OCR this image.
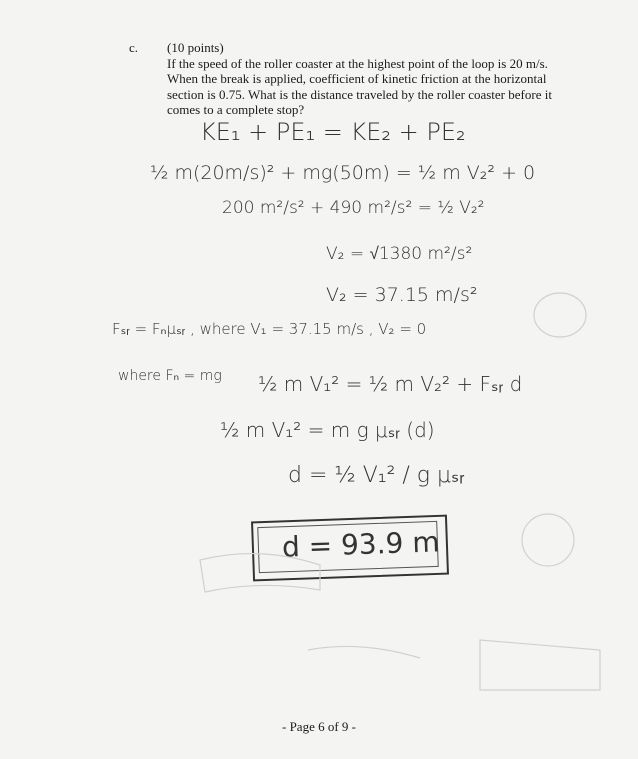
c. (10 points)
If the speed of the roller coaster at the highest point of the loop is 20 m/s.
When the break is applied, coefficient of kinetic friction at the horizontal
section is 0.75. What is the distance traveled by the roller coaster before it
comes to a complete stop?
KE₁ + PE₁ = KE₂ + PE₂
½ m(20m/s)² + mg(50m) = ½ m V₂² + 0
200 m²/s² + 490 m²/s² = ½ V₂²
V₂ = √1380 m²/s²
V₂ = 37.15 m/s²
Fₛᵣ = Fₙμₛᵣ , where V₁ = 37.15 m/s , V₂ = 0
where Fₙ = mg ½ m V₁² = ½ m V₂² + Fₛᵣ d
½ m V₁² = m g μₛᵣ (d)
d = ½ V₁² / g μₛᵣ
d = 93.9 m
- Page 6 of 9 -
